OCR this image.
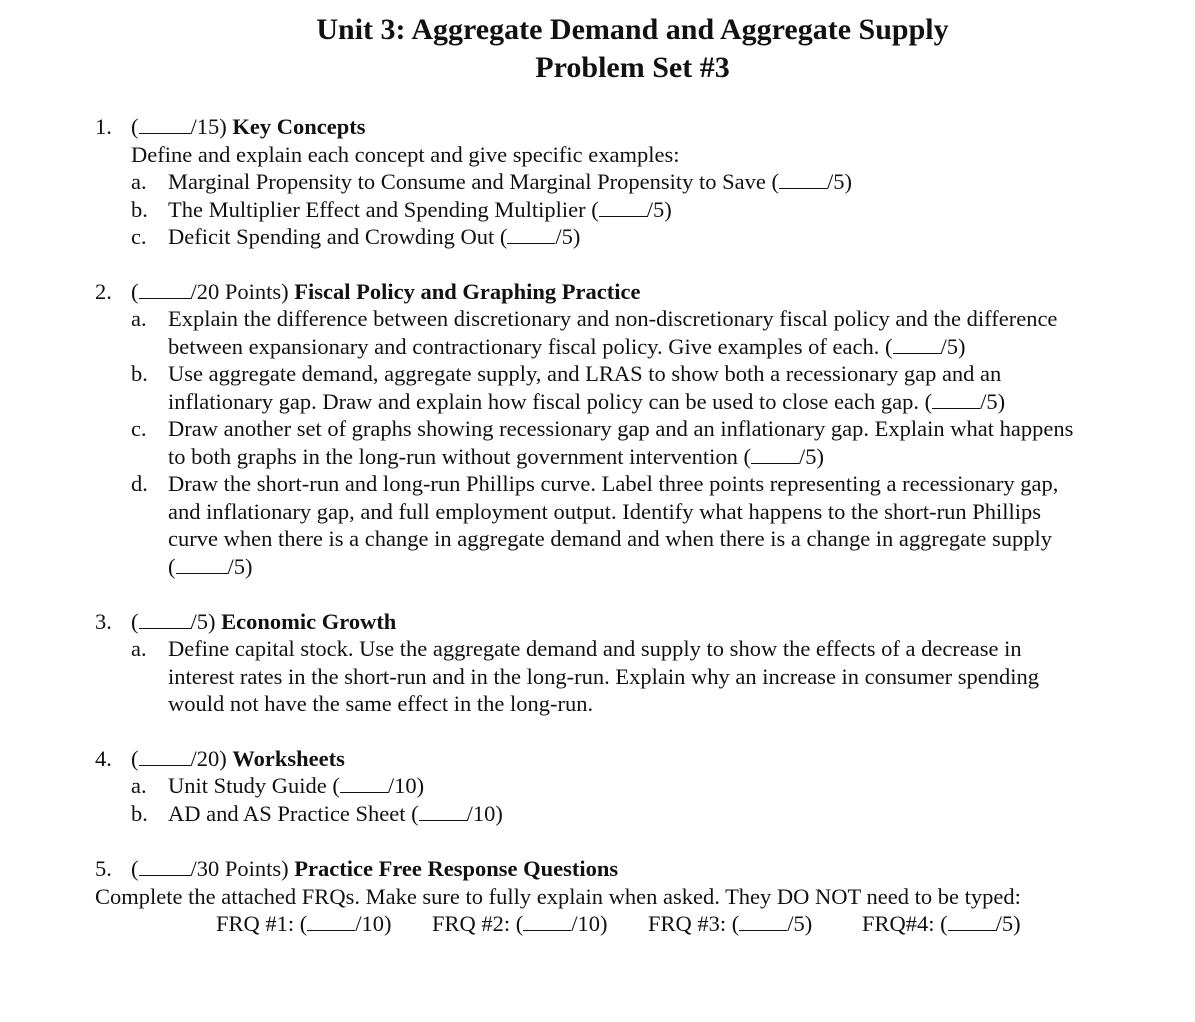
Unit 3: Aggregate Demand and Aggregate Supply
Problem Set #3
1. ( /15) Key Concepts
Define and explain each concept and give specific examples:
a. Marginal Propensity to Consume and Marginal Propensity to Save ( /5)
b. The Multiplier Effect and Spending Multiplier ( /5)
c. Deficit Spending and Crowding Out ( /5)
2. ( /20 Points) Fiscal Policy and Graphing Practice
a. Explain the difference between discretionary and non-discretionary fiscal policy and the difference
between expansionary and contractionary fiscal policy. Give examples of each. ( /5)
b. Use aggregate demand, aggregate supply, and LRAS to show both a recessionary gap and an
inflationary gap. Draw and explain how fiscal policy can be used to close each gap. ( /5)
c. Draw another set of graphs showing recessionary gap and an inflationary gap. Explain what happens
to both graphs in the long-run without government intervention ( /5)
d. Draw the short-run and long-run Phillips curve. Label three points representing a recessionary gap,
and inflationary gap, and full employment output. Identify what happens to the short-run Phillips
curve when there is a change in aggregate demand and when there is a change in aggregate supply
( /5)
3. ( /5) Economic Growth
a. Define capital stock. Use the aggregate demand and supply to show the effects of a decrease in
interest rates in the short-run and in the long-run. Explain why an increase in consumer spending
would not have the same effect in the long-run.
4. ( /20) Worksheets
a. Unit Study Guide ( /10)
b. AD and AS Practice Sheet ( /10)
5. ( /30 Points) Practice Free Response Questions
Complete the attached FRQs. Make sure to fully explain when asked. They DO NOT need to be typed:
FRQ #1: ( /10) FRQ #2: ( /10) FRQ #3: ( /5) FRQ#4: ( /5)
